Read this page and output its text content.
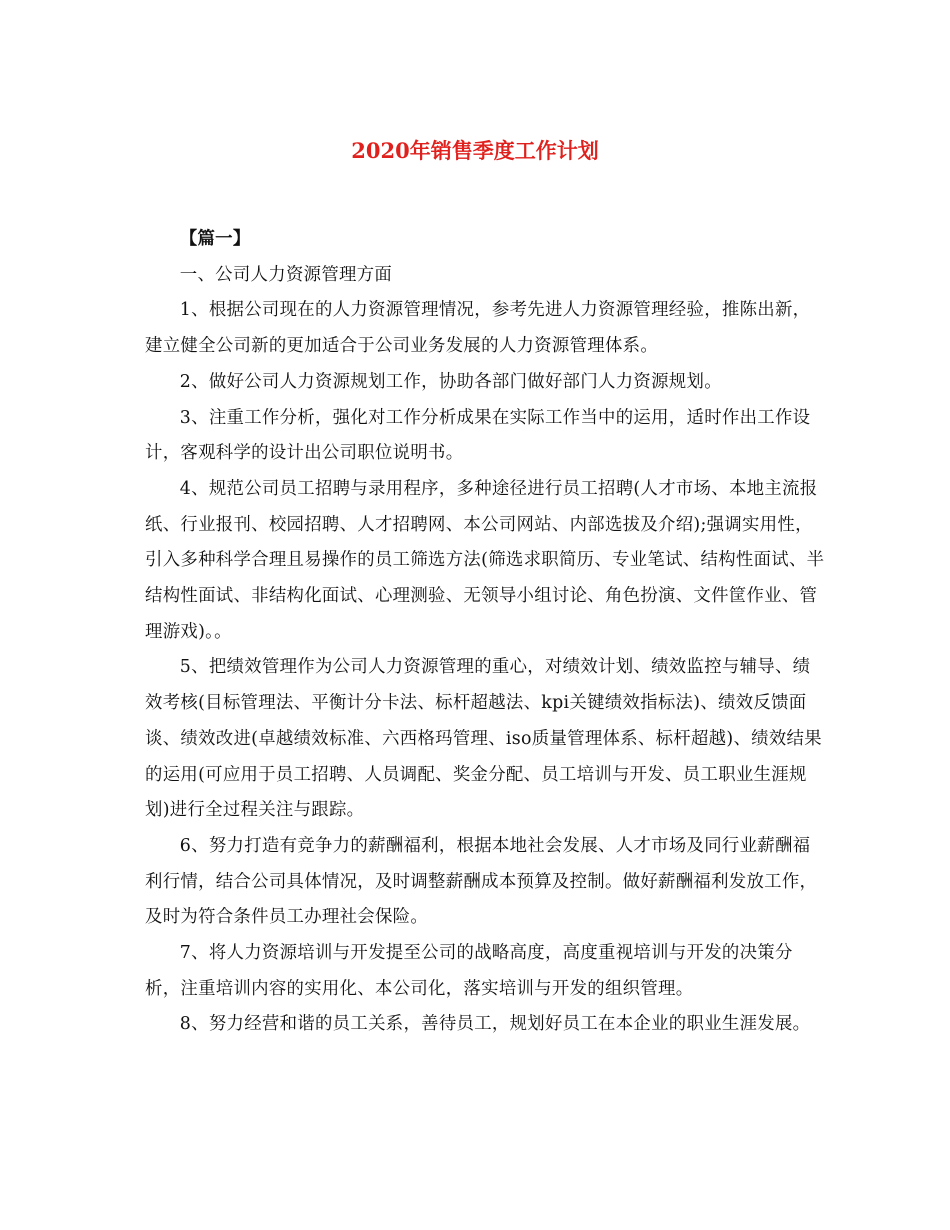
2020年销售季度工作计划

【篇一】

一、公司人力资源管理方面

1、根据公司现在的人力资源管理情况，参考先进人力资源管理经验，推陈出新，建立健全公司新的更加适合于公司业务发展的人力资源管理体系。

2、做好公司人力资源规划工作，协助各部门做好部门人力资源规划。

3、注重工作分析，强化对工作分析成果在实际工作当中的运用，适时作出工作设计，客观科学的设计出公司职位说明书。

4、规范公司员工招聘与录用程序，多种途径进行员工招聘(人才市场、本地主流报纸、行业报刊、校园招聘、人才招聘网、本公司网站、内部选拔及介绍);强调实用性，引入多种科学合理且易操作的员工筛选方法(筛选求职简历、专业笔试、结构性面试、半结构性面试、非结构化面试、心理测验、无领导小组讨论、角色扮演、文件筐作业、管理游戏)。。

5、把绩效管理作为公司人力资源管理的重心，对绩效计划、绩效监控与辅导、绩效考核(目标管理法、平衡计分卡法、标杆超越法、kpi关键绩效指标法)、绩效反馈面谈、绩效改进(卓越绩效标准、六西格玛管理、iso质量管理体系、标杆超越)、绩效结果的运用(可应用于员工招聘、人员调配、奖金分配、员工培训与开发、员工职业生涯规划)进行全过程关注与跟踪。

6、努力打造有竞争力的薪酬福利，根据本地社会发展、人才市场及同行业薪酬福利行情，结合公司具体情况，及时调整薪酬成本预算及控制。做好薪酬福利发放工作，及时为符合条件员工办理社会保险。

7、将人力资源培训与开发提至公司的战略高度，高度重视培训与开发的决策分析，注重培训内容的实用化、本公司化，落实培训与开发的组织管理。

8、努力经营和谐的员工关系，善待员工，规划好员工在本企业的职业生涯发展。
